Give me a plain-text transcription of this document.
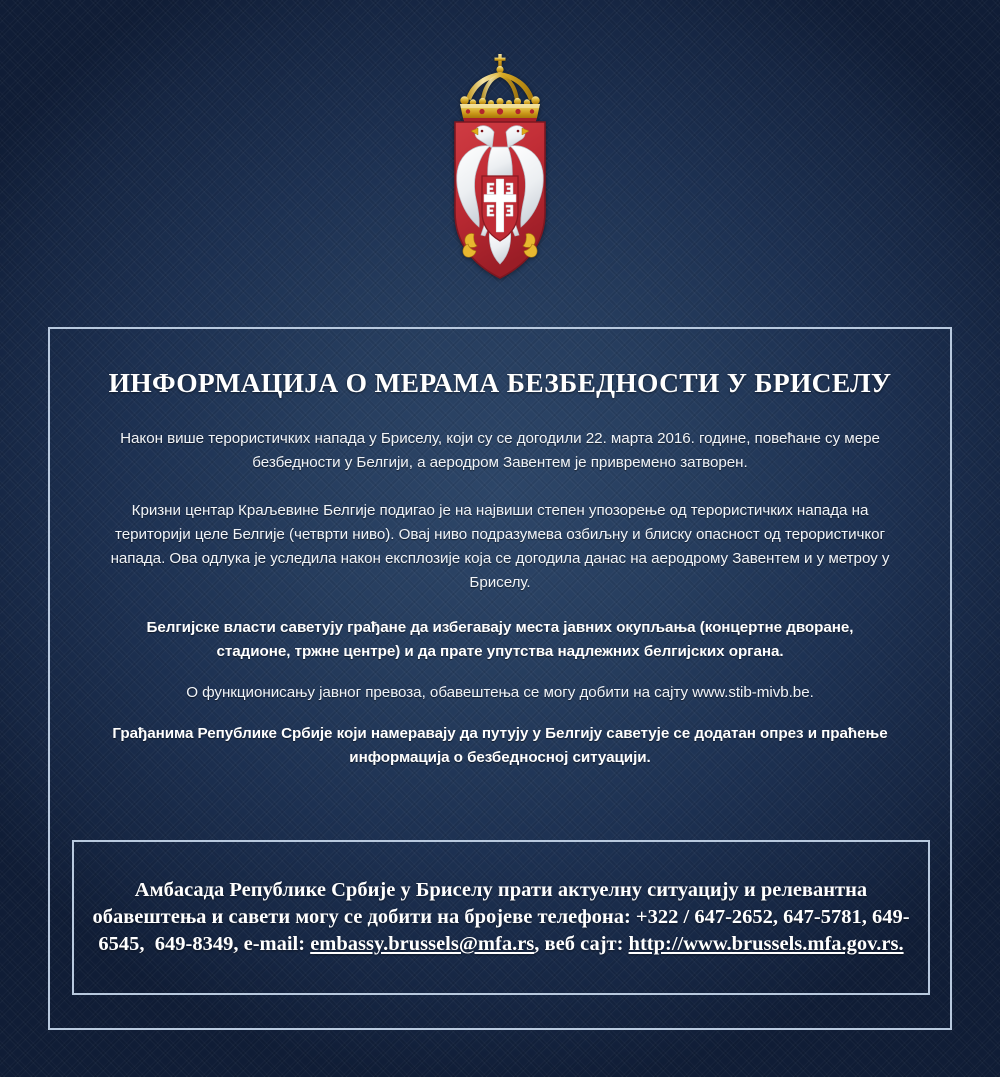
ИНФОРМАЦИЈА О МЕРАМА БЕЗБЕДНОСТИ У БРИСЕЛУ

Након више терористичких напада у Бриселу, који су се догодили 22. марта 2016. године, повећане су мере безбедности у Белгији, а аеродром Завентем је привремено затворен.

Кризни центар Краљевине Белгије подигао је на највиши степен упозорење од терористичких напада на територији целе Белгије (четврти ниво). Овај ниво подразумева озбиљну и блиску опасност од терористичког напада. Ова одлука је уследила након експлозије која се догодила данас на аеродрому Завентем и у метроу у Бриселу.

Белгијске власти саветују грађане да избегавају места јавних окупљања (концертне дворане, стадионе, тржне центре) и да прате упутства надлежних белгијских органа.

О функционисању јавног превоза, обавештења се могу добити на сајту www.stib-mivb.be.

Грађанима Републике Србије који намеравају да путују у Белгију саветује се додатан опрез и праћење информација о безбедносној ситуацији.

Амбасада Републике Србије у Бриселу прати актуелну ситуацију и релевантна обавештења и савети могу се добити на бројеве телефона: +322 / 647-2652, 647-5781, 649-6545,  649-8349, e-mail: embassy.brussels@mfa.rs, веб сајт: http://www.brussels.mfa.gov.rs.
